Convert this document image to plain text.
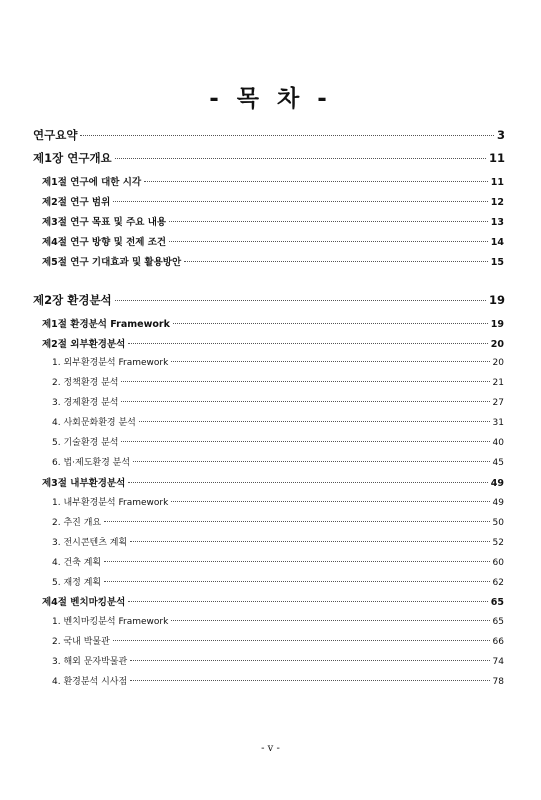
- 목 차 -
연구요약	3
제1장 연구개요	11
제1절 연구에 대한 시각	11
제2절 연구 범위	12
제3절 연구 목표 및 주요 내용	13
제4절 연구 방향 및 전제 조건	14
제5절 연구 기대효과 및 활용방안	15
제2장 환경분석	19
제1절 환경분석 Framework	19
제2절 외부환경분석	20
1. 외부환경분석 Framework	20
2. 정책환경 분석	21
3. 경제환경 분석	27
4. 사회문화환경 분석	31
5. 기술환경 분석	40
6. 법·제도환경 분석	45
제3절 내부환경분석	49
1. 내부환경분석 Framework	49
2. 추진 개요	50
3. 전시콘텐츠 계획	52
4. 건축 계획	60
5. 재정 계획	62
제4절 벤치마킹분석	65
1. 벤치마킹분석 Framework	65
2. 국내 박물관	66
3. 해외 문자박물관	74
4. 환경분석 시사점	78
- v -
